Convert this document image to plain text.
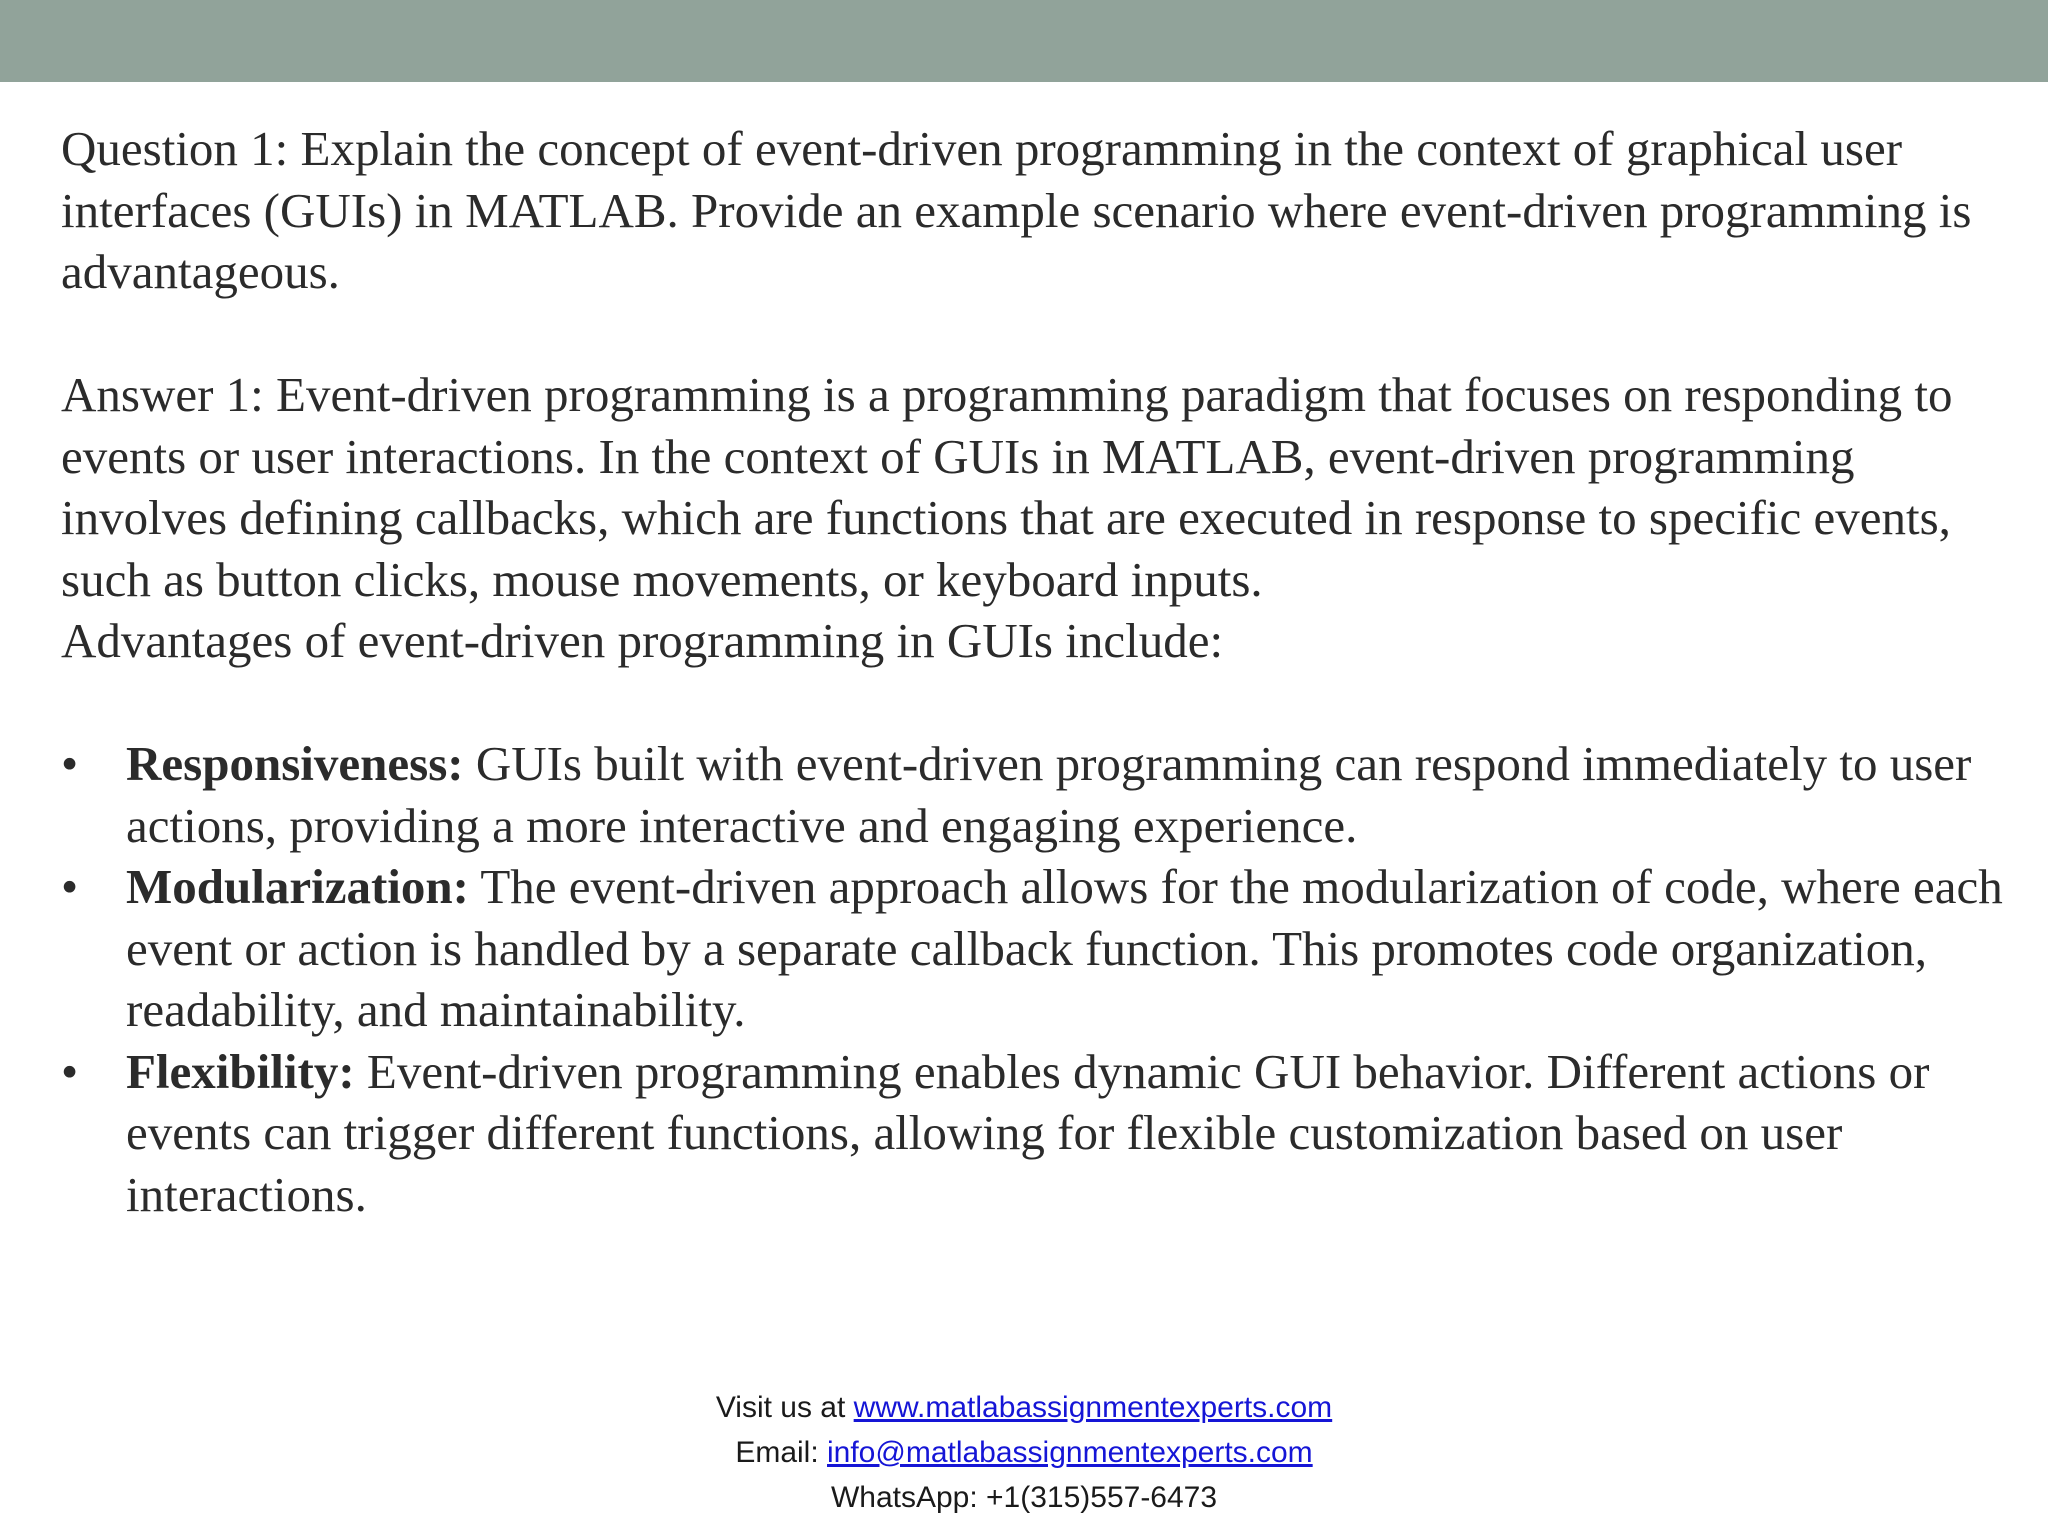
Question 1: Explain the concept of event-driven programming in the context of graphical user interfaces (GUIs) in MATLAB. Provide an example scenario where event-driven programming is advantageous.

Answer 1: Event-driven programming is a programming paradigm that focuses on responding to events or user interactions. In the context of GUIs in MATLAB, event-driven programming involves defining callbacks, which are functions that are executed in response to specific events, such as button clicks, mouse movements, or keyboard inputs.

Advantages of event-driven programming in GUIs include:

• Responsiveness: GUIs built with event-driven programming can respond immediately to user actions, providing a more interactive and engaging experience.
• Modularization: The event-driven approach allows for the modularization of code, where each event or action is handled by a separate callback function. This promotes code organization, readability, and maintainability.
• Flexibility: Event-driven programming enables dynamic GUI behavior. Different actions or events can trigger different functions, allowing for flexible customization based on user interactions.
Visit us at www.matlabassignmentexperts.com
Email: info@matlabassignmentexperts.com
WhatsApp: +1(315)557-6473
